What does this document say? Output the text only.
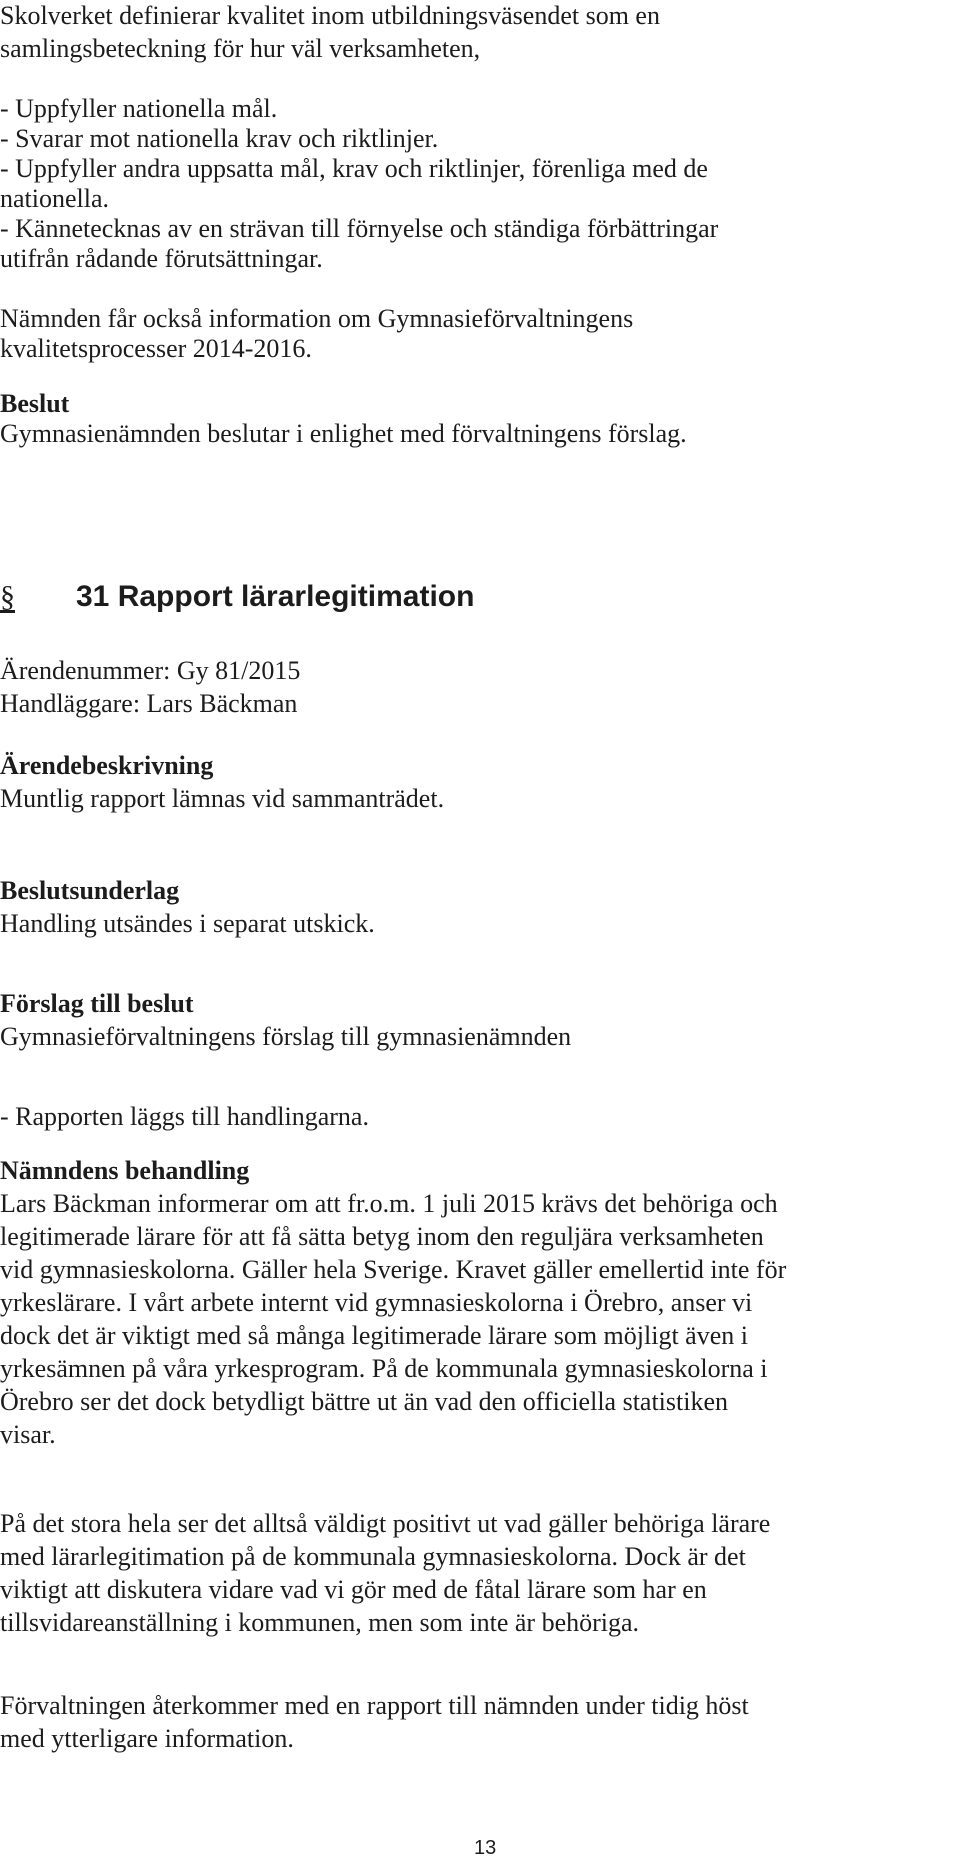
Skolverket definierar kvalitet inom utbildningsväsendet som en
samlingsbeteckning för hur väl verksamheten,
- Uppfyller nationella mål.
- Svarar mot nationella krav och riktlinjer.
- Uppfyller andra uppsatta mål, krav och riktlinjer, förenliga med de
nationella.
- Kännetecknas av en strävan till förnyelse och ständiga förbättringar
utifrån rådande förutsättningar.
Nämnden får också information om Gymnasieförvaltningens
kvalitetsprocesser 2014-2016.
Beslut
Gymnasienämnden beslutar i enlighet med förvaltningens förslag.
§	31 Rapport lärarlegitimation
Ärendenummer: Gy 81/2015
Handläggare: Lars Bäckman
Ärendebeskrivning
Muntlig rapport lämnas vid sammanträdet.
Beslutsunderlag
Handling utsändes i separat utskick.
Förslag till beslut
Gymnasieförvaltningens förslag till gymnasienämnden
- Rapporten läggs till handlingarna.
Nämndens behandling
Lars Bäckman informerar om att fr.o.m. 1 juli 2015 krävs det behöriga och
legitimerade lärare för att få sätta betyg inom den reguljära verksamheten
vid gymnasieskolorna. Gäller hela Sverige. Kravet gäller emellertid inte för
yrkeslärare. I vårt arbete internt vid gymnasieskolorna i Örebro, anser vi
dock det är viktigt med så många legitimerade lärare som möjligt även i
yrkesämnen på våra yrkesprogram. På de kommunala gymnasieskolorna i
Örebro ser det dock betydligt bättre ut än vad den officiella statistiken
visar.
På det stora hela ser det alltså väldigt positivt ut vad gäller behöriga lärare
med lärarlegitimation på de kommunala gymnasieskolorna. Dock är det
viktigt att diskutera vidare vad vi gör med de fåtal lärare som har en
tillsvidareanställning i kommunen, men som inte är behöriga.
Förvaltningen återkommer med en rapport till nämnden under tidig höst
med ytterligare information.
13
